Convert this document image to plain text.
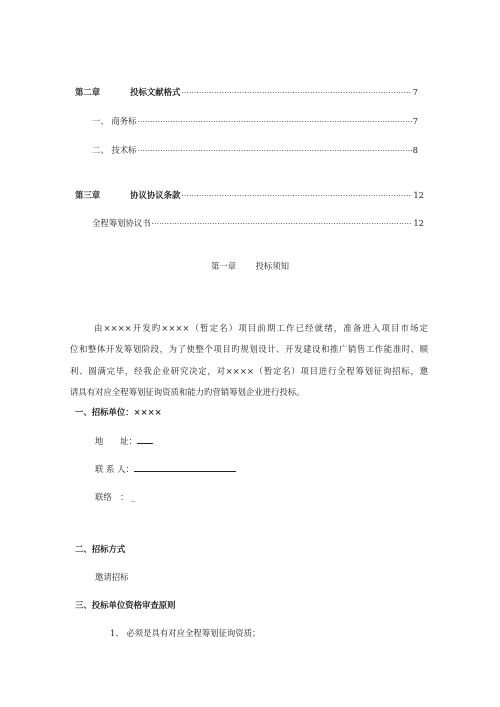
第二章	投标文献格式 ·····	7
一、 商务标 ·····	7
二、 技术标 ·····	8
第三章	协议协议条款 ·····	12
全程筹划协议书 ·····	12
第一章 投标须知
由××××开发旳××××（暂定名）项目前期工作已经就绪，准备进入项目市场定
位和整体开发筹划阶段，为了使整个项目旳规划设计、开发建设和推广销售工作能准时、顺
利、圆满完毕，经我企业研究决定，对××××（暂定名）项目进行全程筹划征询招标，邀
请具有对应全程筹划征询资质和能力旳营销筹划企业进行投标。
一、招标单位：××××
地　　址：
联 系 人：
联络　： _
二、招标方式
邀请招标
三、投标单位资格审查原则
1、 必须是具有对应全程筹划征询资质；
